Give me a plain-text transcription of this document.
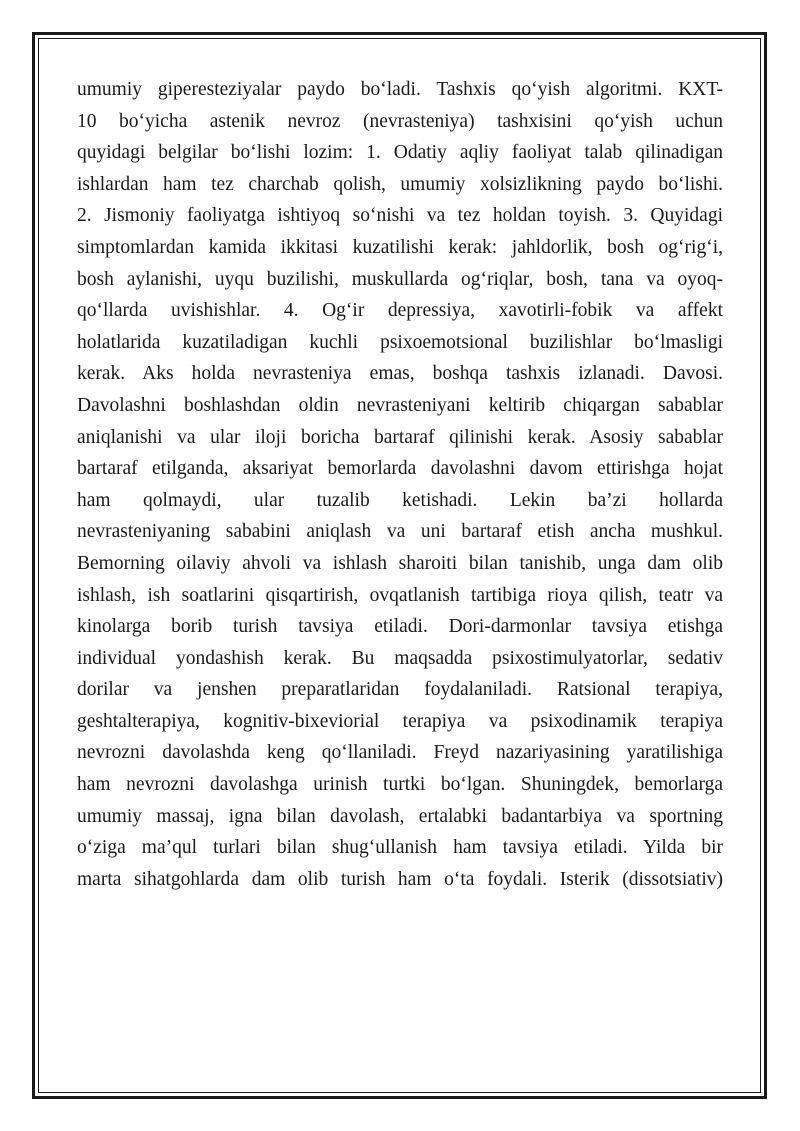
umumiy giperesteziyalar paydo bo‘ladi. Tashxis qo‘yish algoritmi. KXT-
10 bo‘yicha astenik nevroz (nevrasteniya) tashxisini qo‘yish uchun
quyidagi belgilar bo‘lishi lozim: 1. Odatiy aqliy faoliyat talab qilinadigan
ishlardan ham tez charchab qolish, umumiy xolsizlikning paydo bo‘lishi.
2. Jismoniy faoliyatga ishtiyoq so‘nishi va tez holdan toyish. 3. Quyidagi
simptomlardan kamida ikkitasi kuzatilishi kerak: jahldorlik, bosh og‘rig‘i,
bosh aylanishi, uyqu buzilishi, muskullarda og‘riqlar, bosh, tana va oyoq-
qo‘llarda uvishishlar. 4. Og‘ir depressiya, xavotirli-fobik va affekt
holatlarida kuzatiladigan kuchli psixoemotsional buzilishlar bo‘lmasligi
kerak. Aks holda nevrasteniya emas, boshqa tashxis izlanadi. Davosi.
Davolashni boshlashdan oldin nevrasteniyani keltirib chiqargan sabablar
aniqlanishi va ular iloji boricha bartaraf qilinishi kerak. Asosiy sabablar
bartaraf etilganda, aksariyat bemorlarda davolashni davom ettirishga hojat
ham qolmaydi, ular tuzalib ketishadi. Lekin ba’zi hollarda
nevrasteniyaning sababini aniqlash va uni bartaraf etish ancha mushkul.
Bemorning oilaviy ahvoli va ishlash sharoiti bilan tanishib, unga dam olib
ishlash, ish soatlarini qisqartirish, ovqatlanish tartibiga rioya qilish, teatr va
kinolarga borib turish tavsiya etiladi. Dori-darmonlar tavsiya etishga
individual yondashish kerak. Bu maqsadda psixostimulyatorlar, sedativ
dorilar va jenshen preparatlaridan foydalaniladi. Ratsional terapiya,
geshtalterapiya, kognitiv-bixeviorial terapiya va psixodinamik terapiya
nevrozni davolashda keng qo‘llaniladi. Freyd nazariyasining yaratilishiga
ham nevrozni davolashga urinish turtki bo‘lgan. Shuningdek, bemorlarga
umumiy massaj, igna bilan davolash, ertalabki badantarbiya va sportning
o‘ziga ma’qul turlari bilan shug‘ullanish ham tavsiya etiladi. Yilda bir
marta sihatgohlarda dam olib turish ham o‘ta foydali. Isterik (dissotsiativ)
